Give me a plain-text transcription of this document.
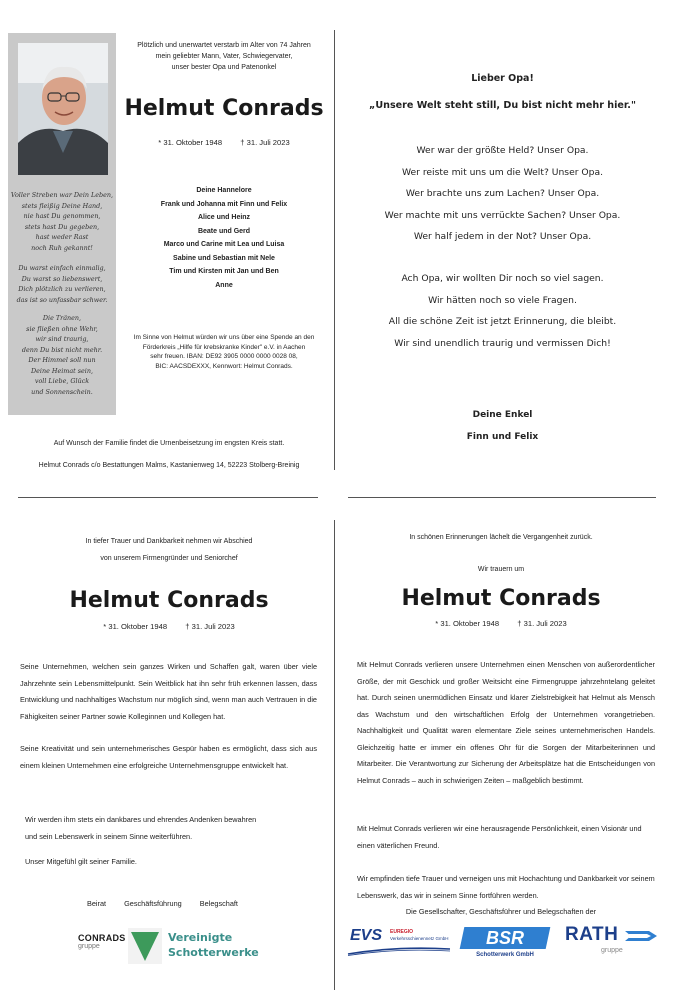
Voller Streben war Dein Leben,
stets fleißig Deine Hand,
nie hast Du genommen,
stets hast Du gegeben,
hast weder Rast
noch Ruh gekannt!
Du warst einfach einmalig,
Du warst so liebenswert,
Dich plötzlich zu verlieren,
das ist so unfassbar schwer.
Die Tränen,
sie fließen ohne Wehr,
wir sind traurig,
denn Du bist nicht mehr.
Der Himmel soll nun
Deine Heimat sein,
voll Liebe, Glück
und Sonnenschein.
Plötzlich und unerwartet verstarb im Alter von 74 Jahren
mein geliebter Mann, Vater, Schwiegervater,
unser bester Opa und Patenonkel
Helmut Conrads
* 31. Oktober 1948 † 31. Juli 2023
Deine Hannelore
Frank und Johanna mit Finn und Felix
Alice und Heinz
Beate und Gerd
Marco und Carine mit Lea und Luisa
Sabine und Sebastian mit Nele
Tim und Kirsten mit Jan und Ben
Anne
Im Sinne von Helmut würden wir uns über eine Spende an den
Förderkreis „Hilfe für krebskranke Kinder" e.V. in Aachen
sehr freuen. IBAN: DE92 3905 0000 0000 0028 08,
BIC: AACSDEXXX, Kennwort: Helmut Conrads.
Auf Wunsch der Familie findet die Urnenbeisetzung im engsten Kreis statt.
Helmut Conrads c/o Bestattungen Malms, Kastanienweg 14, 52223 Stolberg-Breinig
Lieber Opa!
„Unsere Welt steht still, Du bist nicht mehr hier."
Wer war der größte Held? Unser Opa.
Wer reiste mit uns um die Welt? Unser Opa.
Wer brachte uns zum Lachen? Unser Opa.
Wer machte mit uns verrückte Sachen? Unser Opa.
Wer half jedem in der Not? Unser Opa.
Ach Opa, wir wollten Dir noch so viel sagen.
Wir hätten noch so viele Fragen.
All die schöne Zeit ist jetzt Erinnerung, die bleibt.
Wir sind unendlich traurig und vermissen Dich!
Deine Enkel
Finn und Felix
In tiefer Trauer und Dankbarkeit nehmen wir Abschied
von unserem Firmengründer und Seniorchef
Helmut Conrads
* 31. Oktober 1948 † 31. Juli 2023
Seine Unternehmen, welchen sein ganzes Wirken und Schaffen galt, waren über viele Jahrzehnte sein Lebensmittelpunkt. Sein Weitblick hat ihn sehr früh erkennen lassen, dass Entwicklung und nachhaltiges Wachstum nur möglich sind, wenn man auch Vertrauen in die Fähigkeiten seiner Partner sowie Kolleginnen und Kollegen hat.
Seine Kreativität und sein unternehmerisches Gespür haben es ermöglicht, dass sich aus einem kleinen Unternehmen eine erfolgreiche Unternehmensgruppe entwickelt hat.
Wir werden ihm stets ein dankbares und ehrendes Andenken bewahren
und sein Lebenswerk in seinem Sinne weiterführen.
Unser Mitgefühl gilt seiner Familie.
Beirat Geschäftsführung Belegschaft
CONRADS
gruppe
Vereinigte
Schotterwerke
In schönen Erinnerungen lächelt die Vergangenheit zurück.
Wir trauern um
Helmut Conrads
* 31. Oktober 1948 † 31. Juli 2023
Mit Helmut Conrads verlieren unsere Unternehmen einen Menschen von außerordentlicher Größe, der mit Geschick und großer Weitsicht eine Firmengruppe jahrzehntelang geleitet hat. Durch seinen unermüdlichen Einsatz und klarer Zielstrebigkeit hat Helmut als Mensch das Wachstum und den wirtschaftlichen Erfolg der Unternehmen vorangetrieben. Nachhaltigkeit und Qualität waren elementare Ziele seines unternehmerischen Handels. Gleichzeitig hatte er immer ein offenes Ohr für die Sorgen der Mitarbeiterinnen und Mitarbeiter. Die Verantwortung zur Sicherung der Arbeitsplätze hat die Entscheidungen von Helmut Conrads – auch in schwierigen Zeiten – maßgeblich bestimmt.
Mit Helmut Conrads verlieren wir eine herausragende Persönlichkeit, einen Visionär und einen väterlichen Freund.
Wir empfinden tiefe Trauer und verneigen uns mit Hochachtung und Dankbarkeit vor seinem Lebenswerk, das wir in seinem Sinne fortführen werden.
Die Gesellschafter, Geschäftsführer und Belegschaften der
EVS EUREGIO
Verkehrsschienennetz GmbH	BSR
Schotterwerk GmbH
RATH
gruppe
